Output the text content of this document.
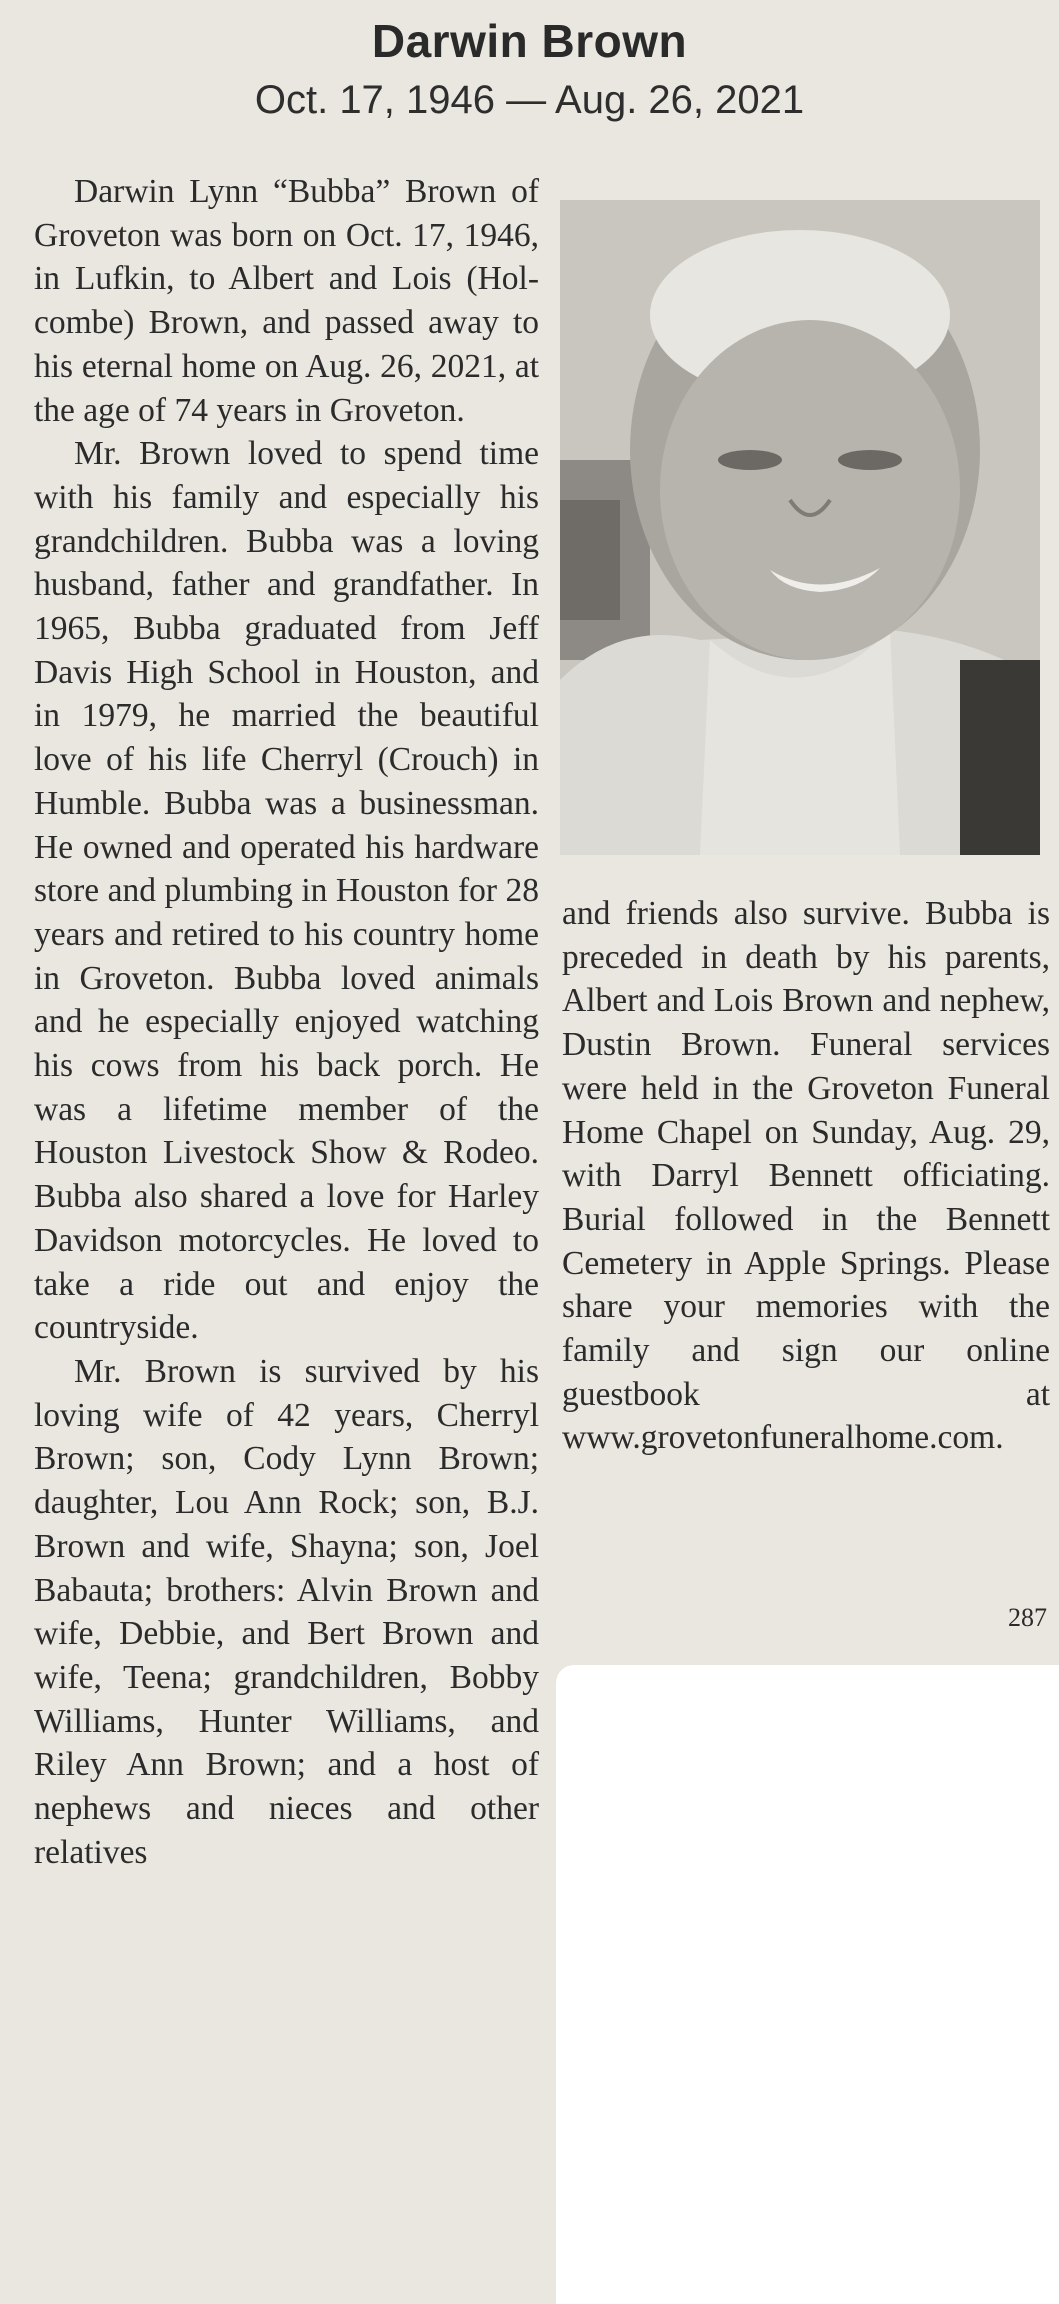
Darwin Brown
Oct. 17, 1946 — Aug. 26, 2021

Darwin Lynn “Bubba” Brown of Groveton was born on Oct. 17, 1946, in Lufkin, to Albert and Lois (Holcombe) Brown, and passed away to his eternal home on Aug. 26, 2021, at the age of 74 years in Groveton.

Mr. Brown loved to spend time with his family and especially his grandchildren. Bubba was a loving husband, father and grandfather. In 1965, Bubba graduated from Jeff Davis High School in Houston, and in 1979, he married the beautiful love of his life Cherryl (Crouch) in Humble. Bubba was a businessman. He owned and operated his hardware store and plumbing in Houston for 28 years and retired to his country home in Groveton. Bubba loved animals and he especially enjoyed watching his cows from his back porch. He was a lifetime member of the Houston Livestock Show & Rodeo. Bubba also shared a love for Harley Davidson motorcycles. He loved to take a ride out and enjoy the countryside.

Mr. Brown is survived by his loving wife of 42 years, Cherryl Brown; son, Cody Lynn Brown; daughter, Lou Ann Rock; son, B.J. Brown and wife, Shayna; son, Joel Babauta; brothers: Alvin Brown and wife, Debbie, and Bert Brown and wife, Teena; grandchildren, Bobby Williams, Hunter Williams, and Riley Ann Brown; and a host of nephews and nieces and other relatives

and friends also survive. Bubba is preceded in death by his parents, Albert and Lois Brown and nephew, Dustin Brown. Funeral services were held in the Groveton Funeral Home Chapel on Sunday, Aug. 29, with Darryl Bennett officiating. Burial followed in the Bennett Cemetery in Apple Springs. Please share your memories with the family and sign our online guestbook at www.grovetonfuneralhome.com.

287
